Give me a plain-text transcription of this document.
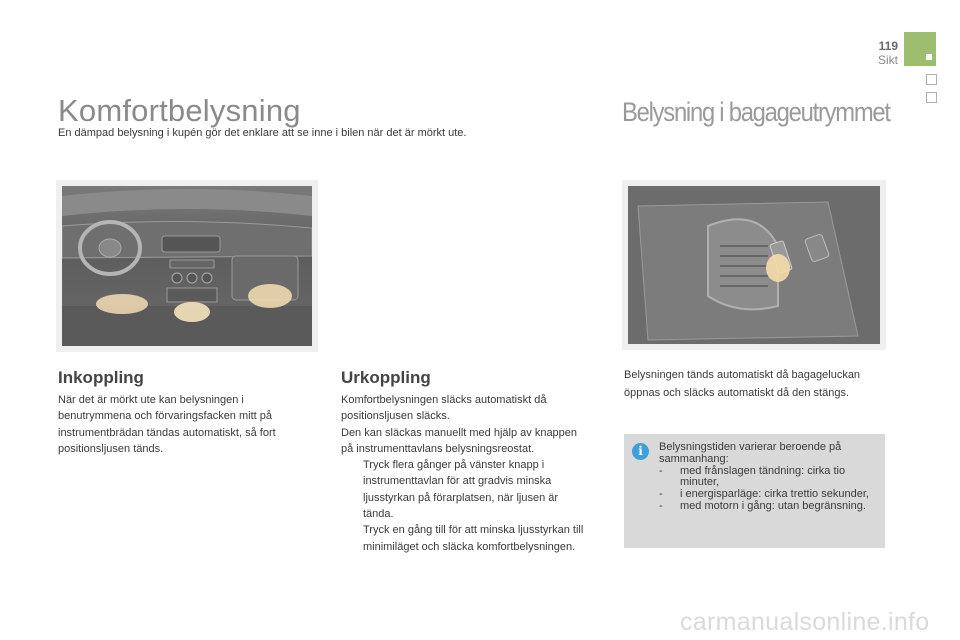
119
Sikt
Komfortbelysning
En dämpad belysning i kupén gör det enklare att se inne i bilen när det är mörkt ute.
Belysning i bagageutrymmet
Inkoppling

När det är mörkt ute kan belysningen i benutrymmena och förvaringsfacken mitt på instrumentbrädan tändas automatiskt, så fort positionsljusen tänds.

Urkoppling

Komfortbelysningen släcks automatiskt då positionsljusen släcks.

Den kan släckas manuellt med hjälp av knappen på instrumenttavlans belysningsreostat.

Tryck flera gånger på vänster knapp i instrumenttavlan för att gradvis minska ljusstyrkan på förarplatsen, när ljusen är tända.
Tryck en gång till för att minska ljusstyrkan till minimiläget och släcka komfortbelysningen.

Belysningen tänds automatiskt då bagageluckan öppnas och släcks automatiskt då den stängs.

i	Belysningstiden varierar beroende på sammanhang:
- med frånslagen tändning: cirka tio minuter,
- i energisparläge: cirka trettio sekunder,
- med motorn i gång: utan begränsning.
carmanualsonline.info
